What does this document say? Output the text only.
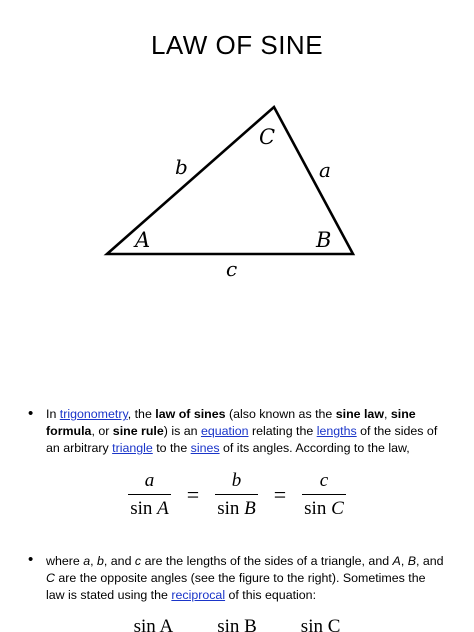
LAW OF SINE
A	B
C
b	a
c
• In trigonometry, the law of sines (also known as the sine law, sine formula, or sine rule) is an equation relating the lengths of the sides of an arbitrary triangle to the sines of its angles. According to the law,
$\frac{a}{\text{sin A}} = \frac{b}{\text{sin B}} = \frac{c}{\text{sin C}}$
• where a, b, and c are the lengths of the sides of a triangle, and A, B, and C are the opposite angles (see the figure to the right). Sometimes the law is stated using the reciprocal of this equation:
sin A sin B sin C
